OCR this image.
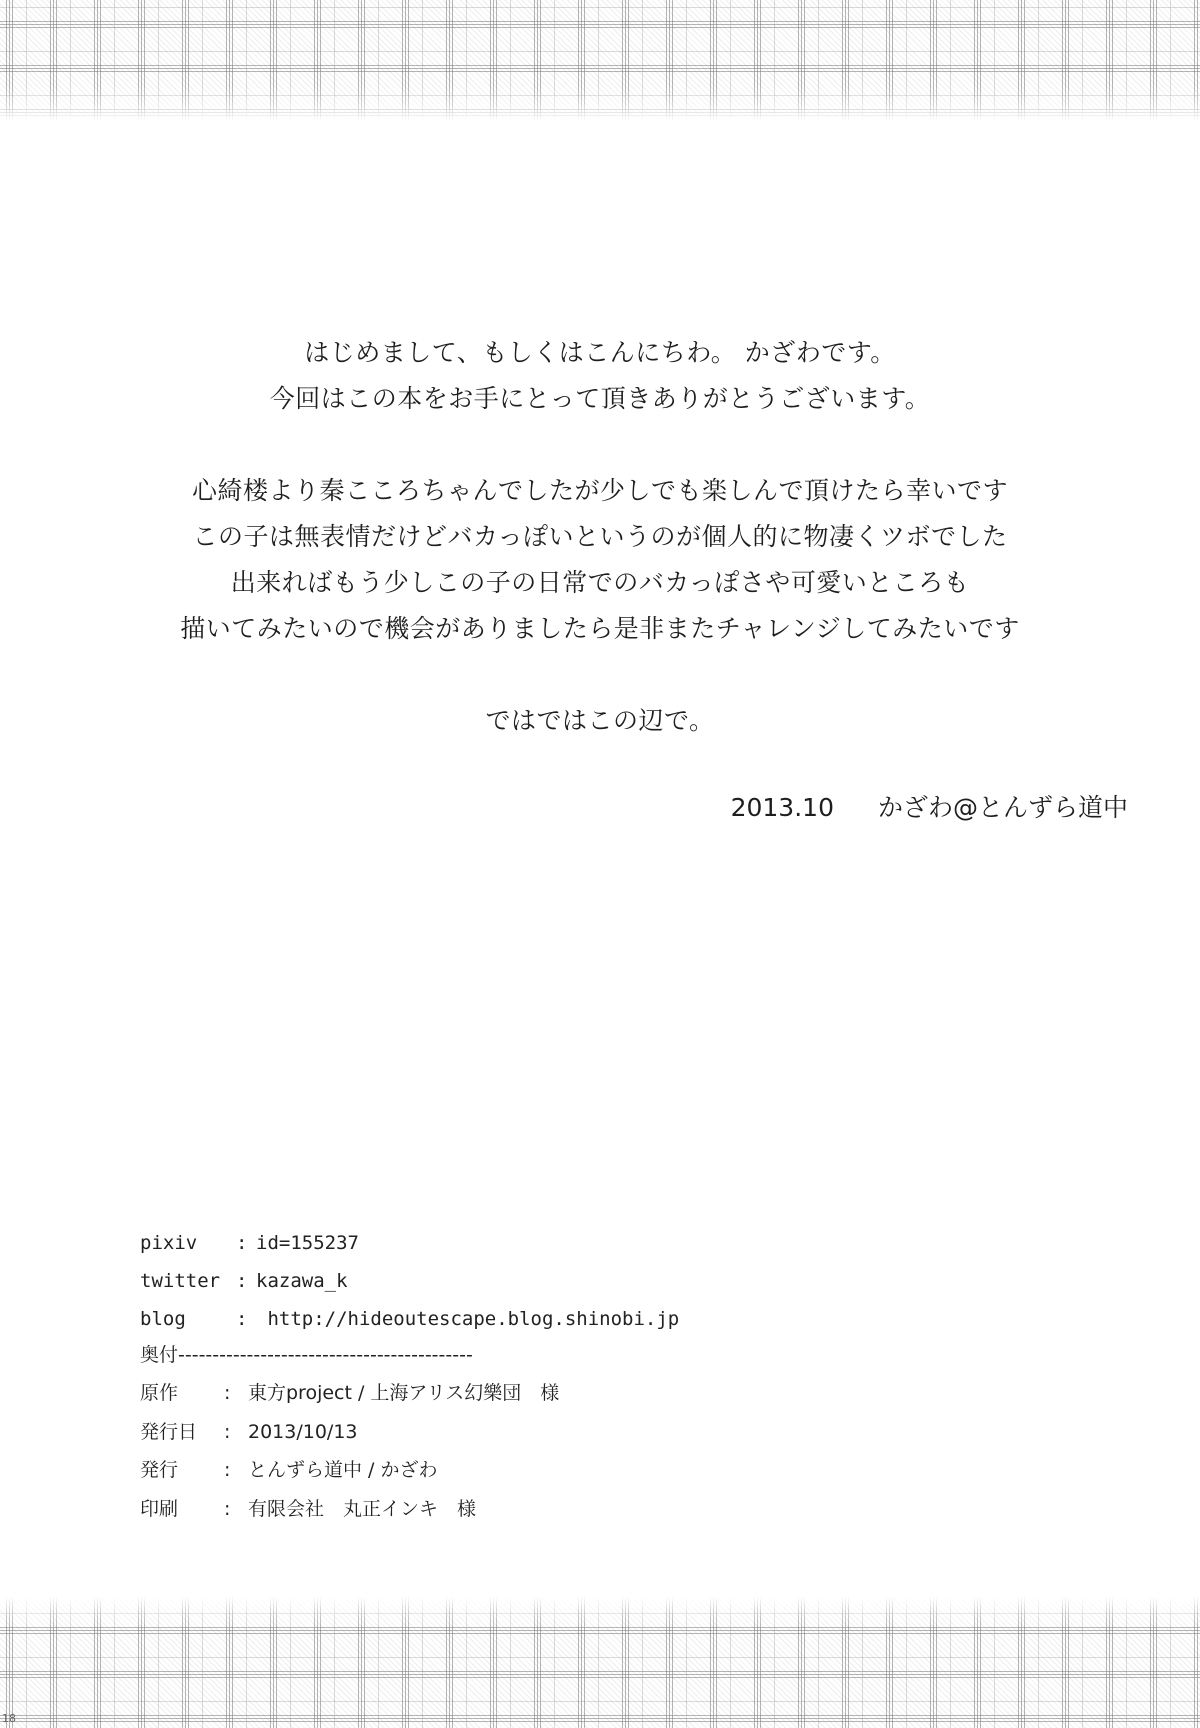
はじめまして、もしくはこんにちわ。 かざわです。
今回はこの本をお手にとって頂きありがとうございます。
心綺楼より秦こころちゃんでしたが少しでも楽しんで頂けたら幸いです
この子は無表情だけどバカっぽいというのが個人的に物凄くツボでした
出来ればもう少しこの子の日常でのバカっぽさや可愛いところも
描いてみたいので機会がありましたら是非またチャレンジしてみたいです
ではではこの辺で。
2013.10 かざわ@とんずら道中
pixiv : id=155237
twitter : kazawa_k
blog	: http://hideoutescape.blog.shinobi.jp
奥付-------------------------------------------
原作 : 東方project / 上海アリス幻樂団　様
発行日 : 2013/10/13
発行 : とんずら道中 / かざわ
印刷 : 有限会社　丸正インキ　様
18
